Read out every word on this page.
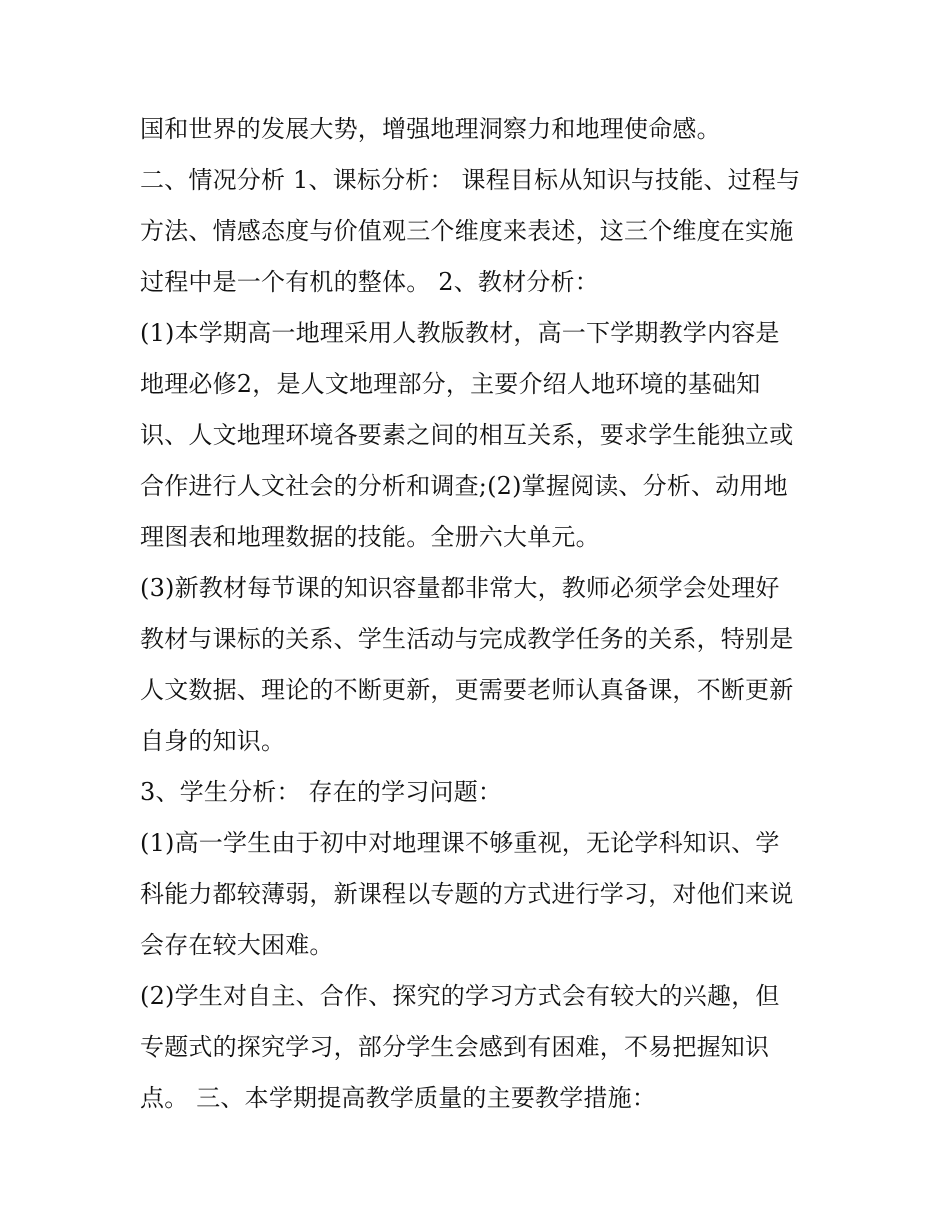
国和世界的发展大势，增强地理洞察力和地理使命感。

二、情况分析 1、课标分析： 课程目标从知识与技能、过程与
方法、情感态度与价值观三个维度来表述，这三个维度在实施
过程中是一个有机的整体。 2、教材分析：

(1)本学期高一地理采用人教版教材，高一下学期教学内容是
地理必修2，是人文地理部分，主要介绍人地环境的基础知
识、人文地理环境各要素之间的相互关系，要求学生能独立或
合作进行人文社会的分析和调查;(2)掌握阅读、分析、动用地
理图表和地理数据的技能。全册六大单元。

(3)新教材每节课的知识容量都非常大，教师必须学会处理好
教材与课标的关系、学生活动与完成教学任务的关系，特别是
人文数据、理论的不断更新，更需要老师认真备课，不断更新
自身的知识。

3、学生分析： 存在的学习问题：

(1)高一学生由于初中对地理课不够重视，无论学科知识、学
科能力都较薄弱，新课程以专题的方式进行学习，对他们来说
会存在较大困难。

(2)学生对自主、合作、探究的学习方式会有较大的兴趣，但
专题式的探究学习，部分学生会感到有困难，不易把握知识
点。 三、本学期提高教学质量的主要教学措施：
